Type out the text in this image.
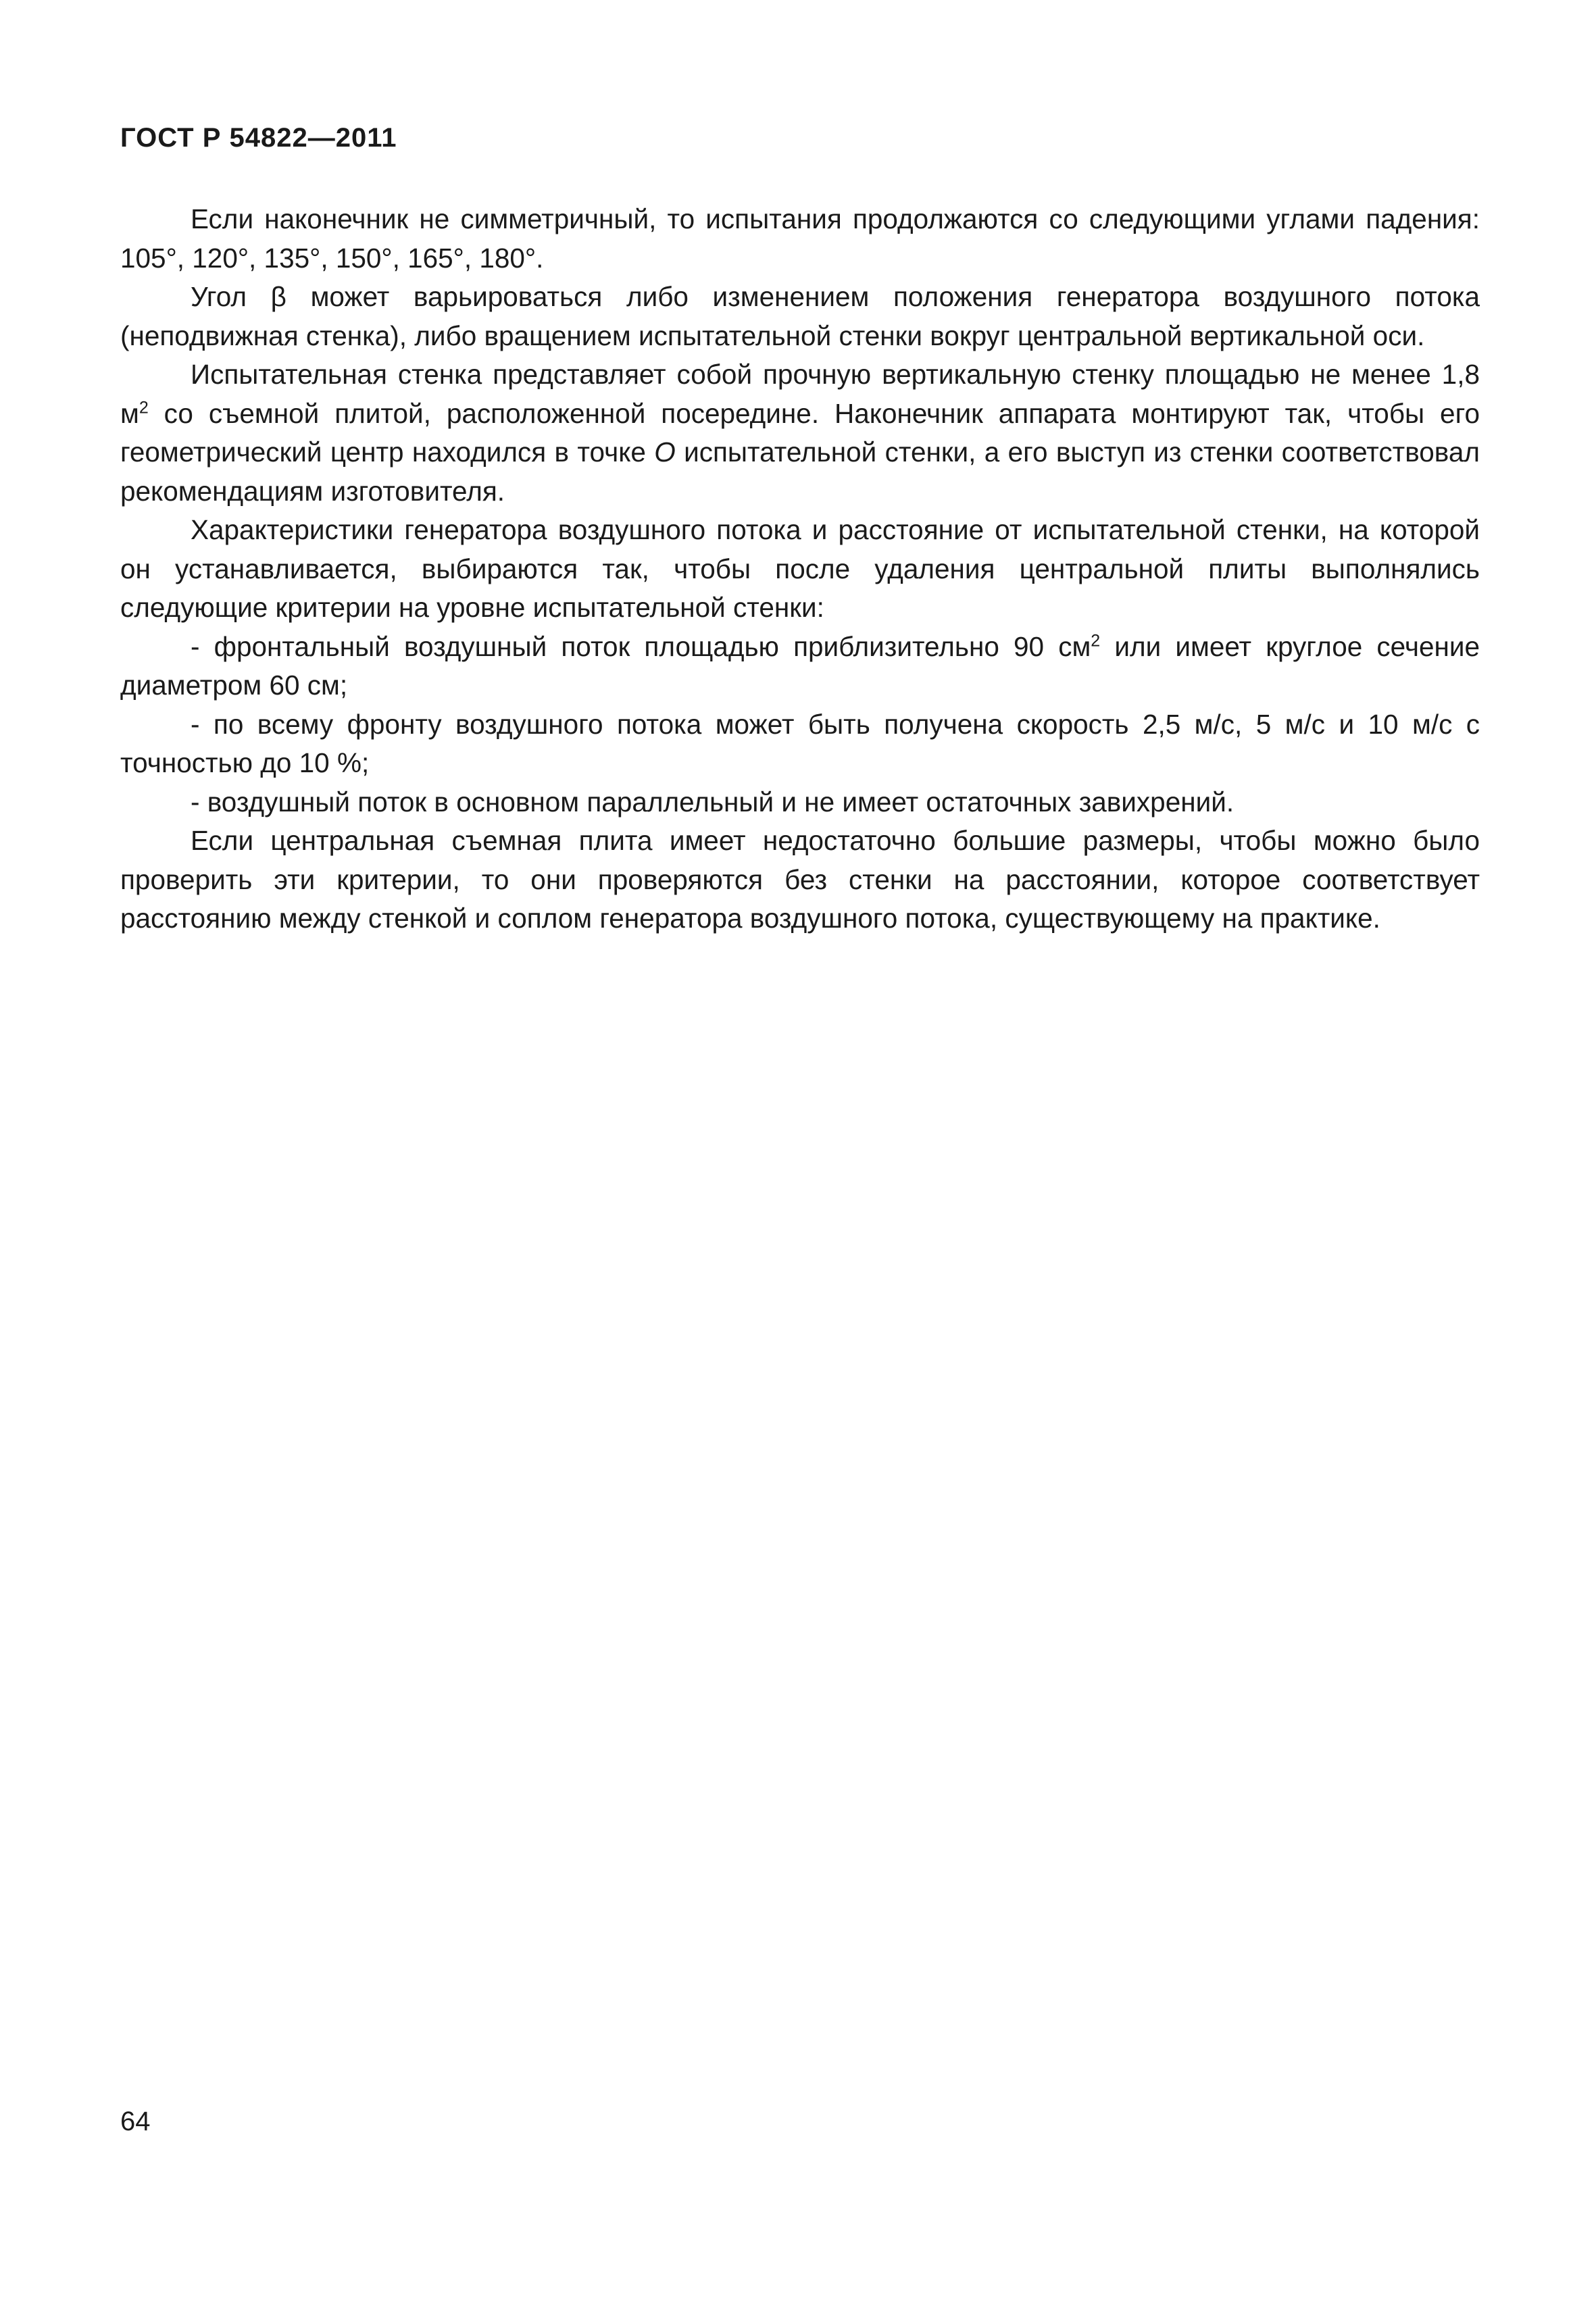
ГОСТ Р 54822—2011

Если наконечник не симметричный, то испытания продолжаются со следующими углами падения: 105°, 120°, 135°, 150°, 165°, 180°.

Угол β может варьироваться либо изменением положения генератора воздушного потока (неподвижная стенка), либо вращением испытательной стенки вокруг центральной вертикальной оси.

Испытательная стенка представляет собой прочную вертикальную стенку площадью не менее 1,8 $м^2$ со съемной плитой, расположенной посередине. Наконечник аппарата монтируют так, чтобы его геометрический центр находился в точке О испытательной стенки, а его выступ из стенки соответствовал рекомендациям изготовителя.

Характеристики генератора воздушного потока и расстояние от испытательной стенки, на которой он устанавливается, выбираются так, чтобы после удаления центральной плиты выполнялись следующие критерии на уровне испытательной стенки:

- фронтальный воздушный поток площадью приблизительно 90 $см^2$ или имеет круглое сечение диаметром 60 см;

- по всему фронту воздушного потока может быть получена скорость 2,5 м/с, 5 м/с и 10 м/с с точностью до 10 %;

- воздушный поток в основном параллельный и не имеет остаточных завихрений.

Если центральная съемная плита имеет недостаточно большие размеры, чтобы можно было проверить эти критерии, то они проверяются без стенки на расстоянии, которое соответствует расстоянию между стенкой и соплом генератора воздушного потока, существующему на практике.

64
